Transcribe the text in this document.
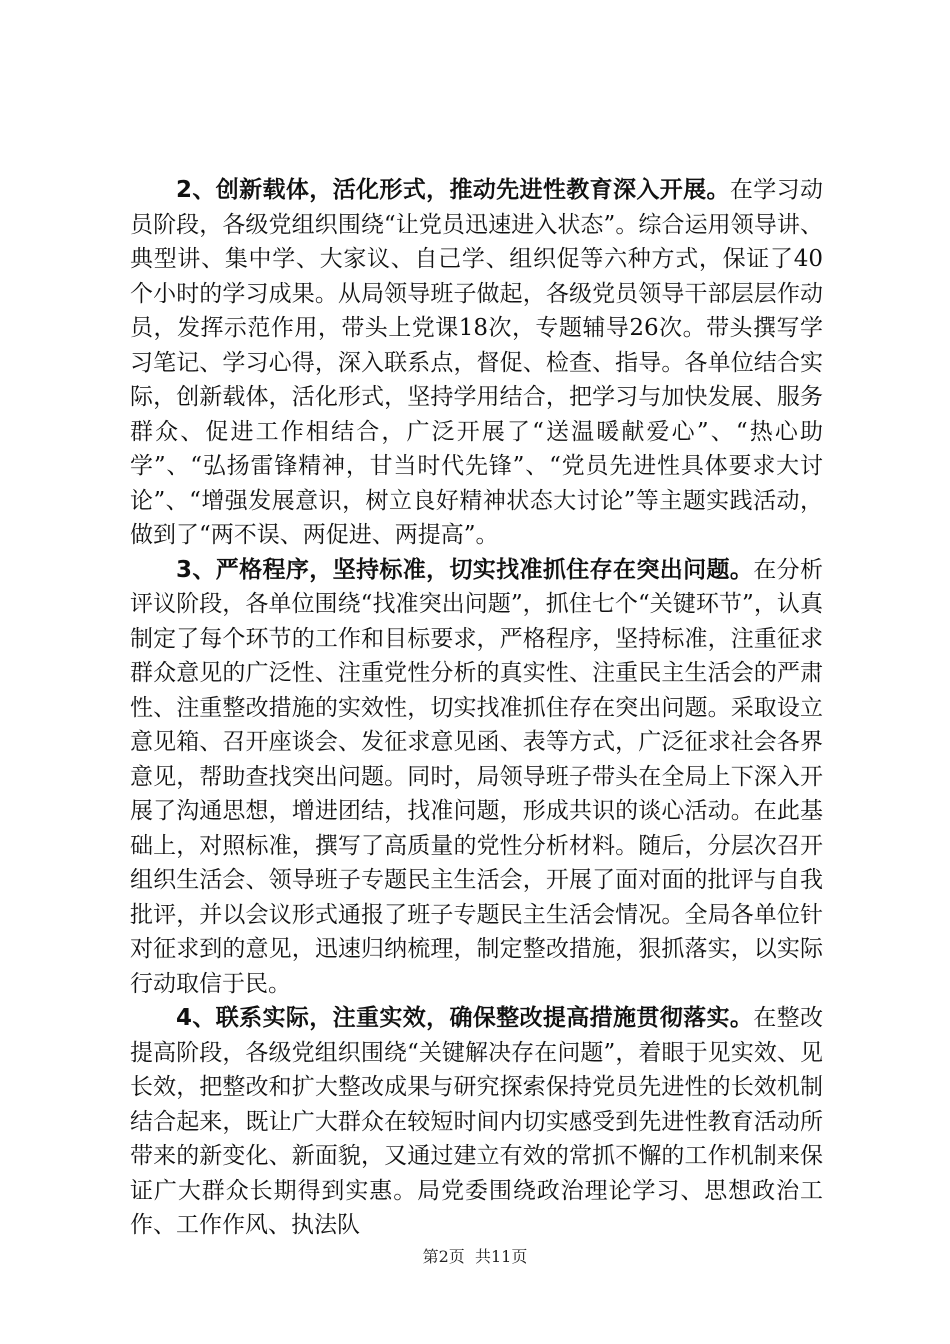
2、创新载体，活化形式，推动先进性教育深入开展。在学习动员阶段，各级党组织围绕“让党员迅速进入状态”。综合运用领导讲、典型讲、集中学、大家议、自己学、组织促等六种方式，保证了40个小时的学习成果。从局领导班子做起，各级党员领导干部层层作动员，发挥示范作用，带头上党课18次，专题辅导26次。带头撰写学习笔记、学习心得，深入联系点，督促、检查、指导。各单位结合实际，创新载体，活化形式，坚持学用结合，把学习与加快发展、服务群众、促进工作相结合，广泛开展了“送温暖献爱心”、“热心助学”、“弘扬雷锋精神，甘当时代先锋”、“党员先进性具体要求大讨论”、“增强发展意识，树立良好精神状态大讨论”等主题实践活动，做到了“两不误、两促进、两提高”。

3、严格程序，坚持标准，切实找准抓住存在突出问题。在分析评议阶段，各单位围绕“找准突出问题”，抓住七个“关键环节”，认真制定了每个环节的工作和目标要求，严格程序，坚持标准，注重征求群众意见的广泛性、注重党性分析的真实性、注重民主生活会的严肃性、注重整改措施的实效性，切实找准抓住存在突出问题。采取设立意见箱、召开座谈会、发征求意见函、表等方式，广泛征求社会各界意见，帮助查找突出问题。同时，局领导班子带头在全局上下深入开展了沟通思想，增进团结，找准问题，形成共识的谈心活动。在此基础上，对照标准，撰写了高质量的党性分析材料。随后，分层次召开组织生活会、领导班子专题民主生活会，开展了面对面的批评与自我批评，并以会议形式通报了班子专题民主生活会情况。全局各单位针对征求到的意见，迅速归纳梳理，制定整改措施，狠抓落实，以实际行动取信于民。

4、联系实际，注重实效，确保整改提高措施贯彻落实。在整改提高阶段，各级党组织围绕“关键解决存在问题”，着眼于见实效、见长效，把整改和扩大整改成果与研究探索保持党员先进性的长效机制结合起来，既让广大群众在较短时间内切实感受到先进性教育活动所带来的新变化、新面貌，又通过建立有效的常抓不懈的工作机制来保证广大群众长期得到实惠。局党委围绕政治理论学习、思想政治工作、工作作风、执法队

第2页 共11页
